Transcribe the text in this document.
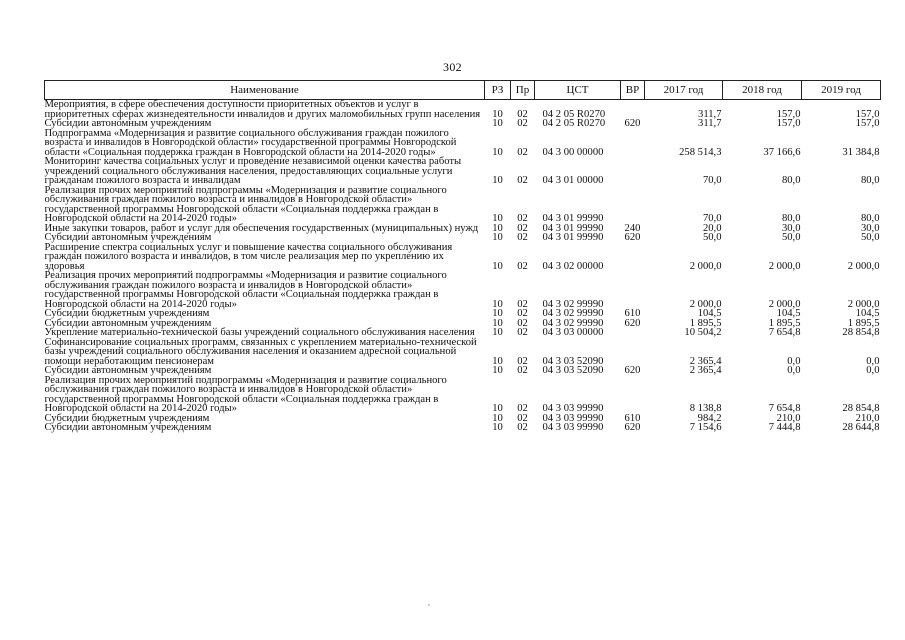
302
Наименование	РЗ	Пр	ЦСТ	ВР	2017 год	2018 год	2019 год
Мероприятия, в сфере обеспечения доступности приоритетных объектов и услуг в приоритетных сферах жизнедеятельности инвалидов и других маломобильных групп населения	10	02	04 2 05 R0270		311,7	157,0	157,0
Субсидии автономным учреждениям	10	02	04 2 05 R0270	620	311,7	157,0	157,0
Подпрограмма «Модернизация и развитие социального обслуживания граждан пожилого возраста и инвалидов в Новгородской области» государственной программы Новгородской области «Социальная поддержка граждан в Новгородской области на 2014-2020 годы»	10	02	04 3 00 00000		258 514,3	37 166,6	31 384,8
Мониторинг качества социальных услуг и проведение независимой оценки качества работы учреждений социального обслуживания населения, предоставляющих социальные услуги гражданам пожилого возраста и инвалидам	10	02	04 3 01 00000		70,0	80,0	80,0
Реализация прочих мероприятий подпрограммы «Модернизация и развитие социального обслуживания граждан пожилого возраста и инвалидов в Новгородской области» государственной программы Новгородской области «Социальная поддержка граждан в Новгородской области на 2014-2020 годы»	10	02	04 3 01 99990		70,0	80,0	80,0
Иные закупки товаров, работ и услуг для обеспечения государственных (муниципальных) нужд	10	02	04 3 01 99990	240	20,0	30,0	30,0
Субсидии автономным учреждениям	10	02	04 3 01 99990	620	50,0	50,0	50,0
Расширение спектра социальных услуг и повышение качества социального обслуживания граждан пожилого возраста и инвалидов, в том числе реализация мер по укреплению их здоровья	10	02	04 3 02 00000		2 000,0	2 000,0	2 000,0
Реализация прочих мероприятий подпрограммы «Модернизация и развитие социального обслуживания граждан пожилого возраста и инвалидов в Новгородской области» государственной программы Новгородской области «Социальная поддержка граждан в Новгородской области на 2014-2020 годы»	10	02	04 3 02 99990		2 000,0	2 000,0	2 000,0
Субсидии бюджетным учреждениям	10	02	04 3 02 99990	610	104,5	104,5	104,5
Субсидии автономным учреждениям	10	02	04 3 02 99990	620	1 895,5	1 895,5	1 895,5
Укрепление материально-технической базы учреждений социального обслуживания населения	10	02	04 3 03 00000		10 504,2	7 654,8	28 854,8
Софинансирование социальных программ, связанных с укреплением материально-технической базы учреждений социального обслуживания населения и оказанием адресной социальной помощи неработающим пенсионерам	10	02	04 3 03 52090		2 365,4	0,0	0,0
Субсидии автономным учреждениям	10	02	04 3 03 52090	620	2 365,4	0,0	0,0
Реализация прочих мероприятий подпрограммы «Модернизация и развитие социального обслуживания граждан пожилого возраста и инвалидов в Новгородской области» государственной программы Новгородской области «Социальная поддержка граждан в Новгородской области на 2014-2020 годы»	10	02	04 3 03 99990		8 138,8	7 654,8	28 854,8
Субсидии бюджетным учреждениям	10	02	04 3 03 99990	610	984,2	210,0	210,0
Субсидии автономным учреждениям	10	02	04 3 03 99990	620	7 154,6	7 444,8	28 644,8
